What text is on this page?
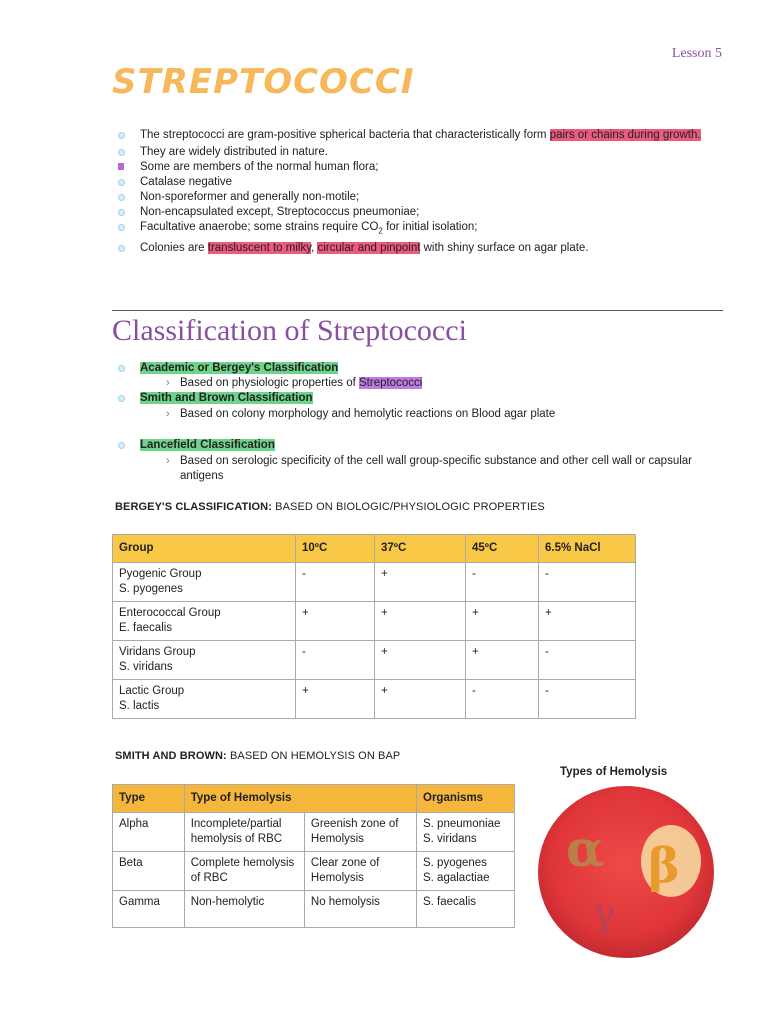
Lesson 5
STREPTOCOCCI
The streptococci are gram-positive spherical bacteria that characteristically form pairs or chains during growth.
They are widely distributed in nature.
Some are members of the normal human flora;
Catalase negative
Non-sporeformer and generally non-motile;
Non-encapsulated except, Streptococcus pneumoniae;
Facultative anaerobe; some strains require $CO_2$ for initial isolation;
Colonies are transluscent to milky, circular and pinpoint with shiny surface on agar plate.
Classification of Streptococci
Academic or Bergey's Classification
› Based on physiologic properties of Streptococci
Smith and Brown Classification
› Based on colony morphology and hemolytic reactions on Blood agar plate
Lancefield Classification
› Based on serologic specificity of the cell wall group-specific substance and other cell wall or capsular antigens
BERGEY'S CLASSIFICATION: BASED ON BIOLOGIC/PHYSIOLOGIC PROPERTIES
Group	10ºC	37ºC	45ºC	6.5% NaCl

Pyogenic Group
S. pyogenes	-	+	-	-

Enterococcal Group
E. faecalis	+	+	+	+

Viridans Group
S. viridans	-	+	+	-

Lactic Group
S. lactis	+	+	-	-
SMITH AND BROWN: BASED ON HEMOLYSIS ON BAP
Type	Type of Hemolysis		Organisms
Alpha	Incomplete/partial hemolysis of RBC	Greenish zone of Hemolysis	S. pneumoniae
S. viridans
Beta	Complete hemolysis of RBC	Clear zone of Hemolysis	S. pyogenes
S. agalactiae
Gamma	Non-hemolytic	No hemolysis	S. faecalis
Types of Hemolysis
α β
γ
